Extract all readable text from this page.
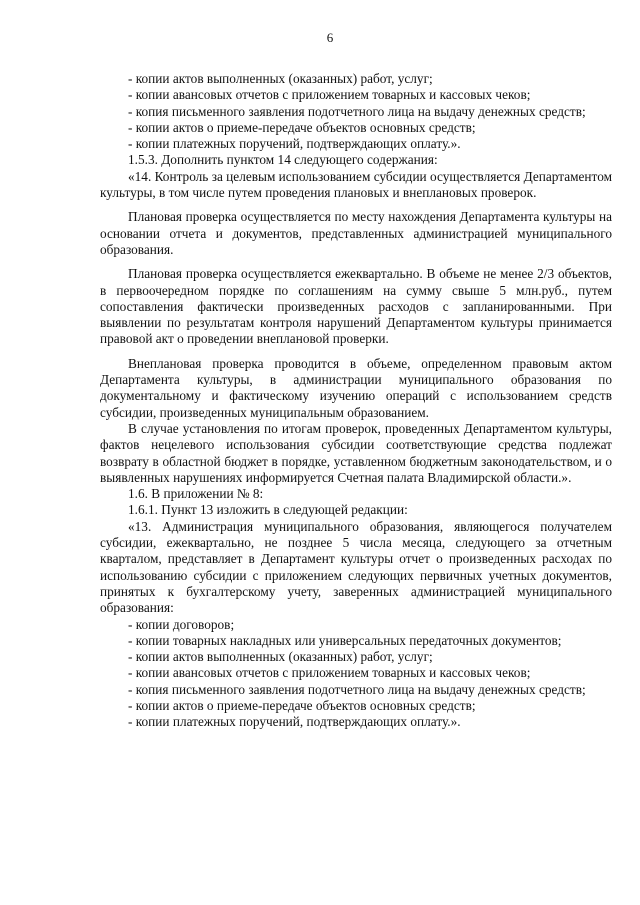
6

- копии актов выполненных (оказанных) работ, услуг;

- копии авансовых отчетов с приложением товарных и кассовых чеков;

- копия письменного заявления подотчетного лица на выдачу денежных средств;

- копии актов о приеме-передаче объектов основных средств;

- копии платежных поручений, подтверждающих оплату.».

1.5.3. Дополнить пунктом 14 следующего содержания:

«14. Контроль за целевым использованием субсидии осуществляется Департаментом культуры, в том числе путем проведения плановых и внеплановых проверок.

Плановая проверка осуществляется по месту нахождения Департамента культуры на основании отчета и документов, представленных администрацией муниципального образования.

Плановая проверка осуществляется ежеквартально. В объеме не менее 2/3 объектов, в первоочередном порядке по соглашениям на сумму свыше 5 млн.руб., путем сопоставления фактически произведенных расходов с запланированными. При выявлении по результатам контроля нарушений Департаментом культуры принимается правовой акт о проведении внеплановой проверки.

Внеплановая проверка проводится в объеме, определенном правовым актом Департамента культуры, в администрации муниципального образования по документальному и фактическому изучению операций с использованием средств субсидии, произведенных муниципальным образованием.

В случае установления по итогам проверок, проведенных Департаментом культуры, фактов нецелевого использования субсидии соответствующие средства подлежат возврату в областной бюджет в порядке, уставленном бюджетным законодательством, и о выявленных нарушениях информируется Счетная палата Владимирской области.».

1.6. В приложении № 8:

1.6.1. Пункт 13 изложить в следующей редакции:

«13. Администрация муниципального образования, являющегося получателем субсидии, ежеквартально, не позднее 5 числа месяца, следующего за отчетным кварталом, представляет в Департамент культуры отчет о произведенных расходах по использованию субсидии с приложением следующих первичных учетных документов, принятых к бухгалтерскому учету, заверенных администрацией муниципального образования:

- копии договоров;

- копии товарных накладных или универсальных передаточных документов;

- копии актов выполненных (оказанных) работ, услуг;

- копии авансовых отчетов с приложением товарных и кассовых чеков;

- копия письменного заявления подотчетного лица на выдачу денежных средств;

- копии актов о приеме-передаче объектов основных средств;

- копии платежных поручений, подтверждающих оплату.».
